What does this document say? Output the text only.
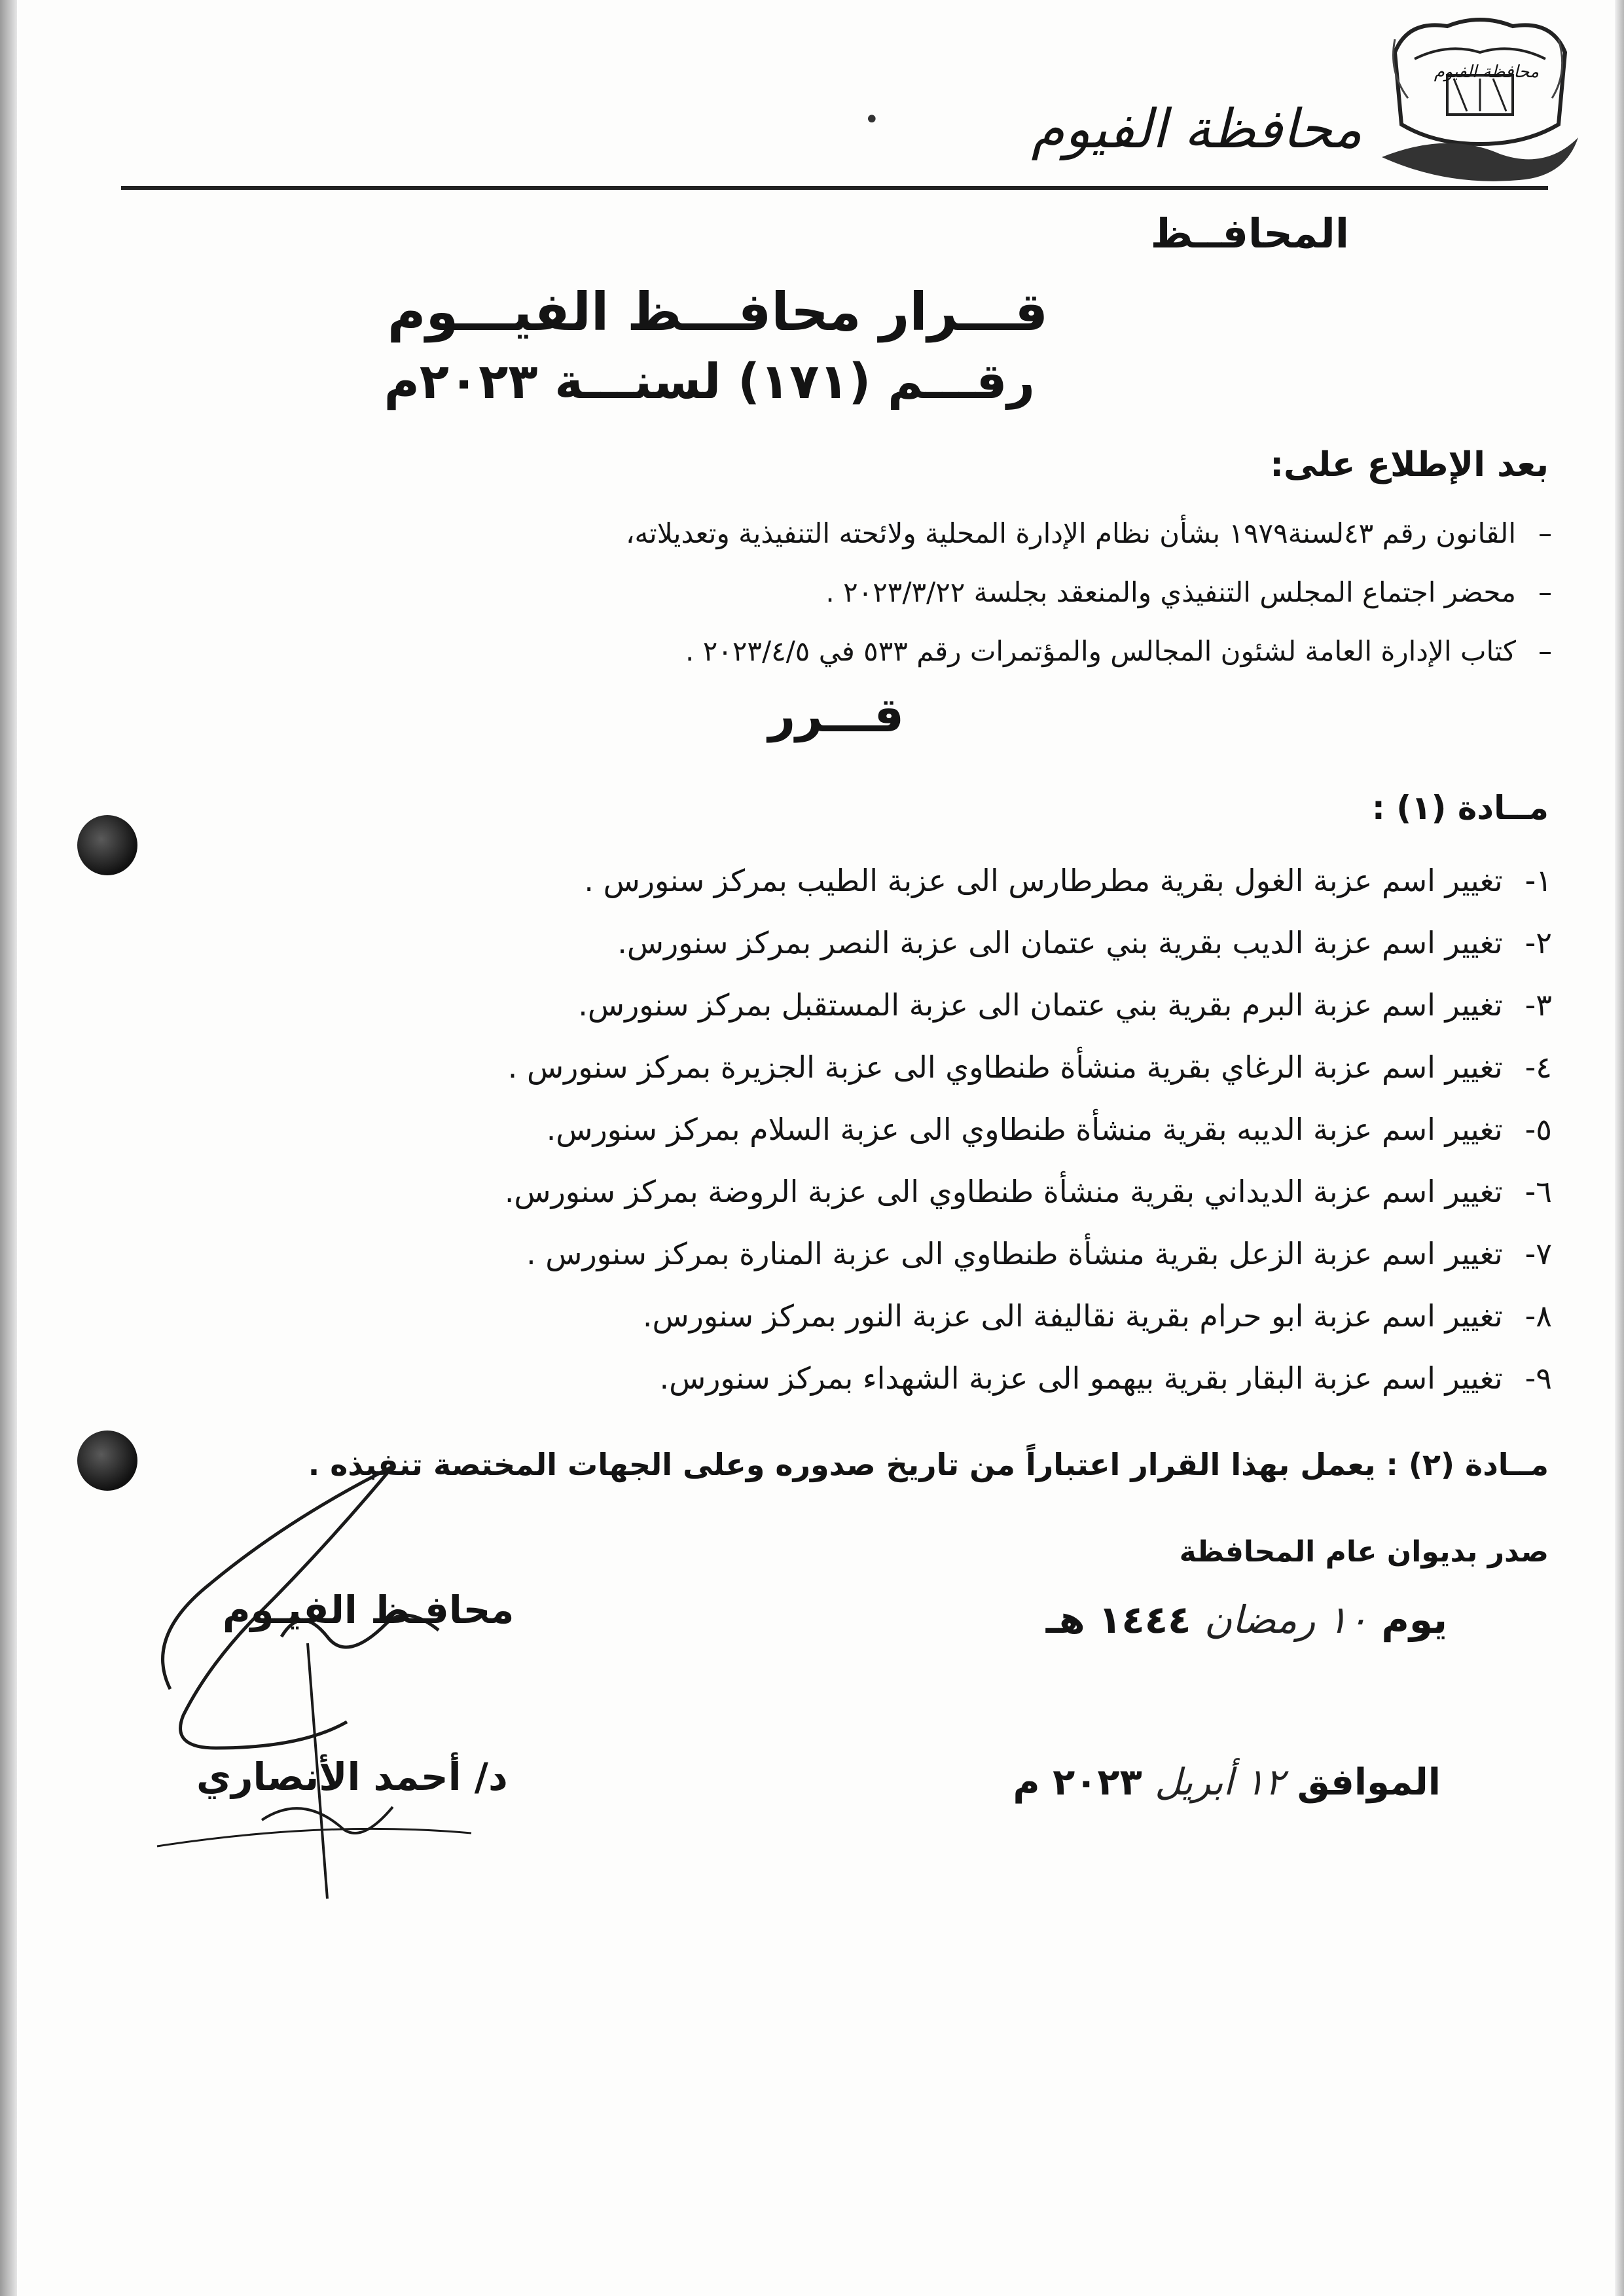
محافظة الفيوم
محافظة الفيوم
•
المحافــظ
قـــرار محافـــظ الفيـــوم
رقـــم (١٧١) لسنـــة ٢٠٢٣م
بعد الإطلاع على:
–القانون رقم ٤٣لسنة١٩٧٩ بشأن نظام الإدارة المحلية ولائحته التنفيذية وتعديلاته،
–محضر اجتماع المجلس التنفيذي والمنعقد بجلسة ٢٠٢٣/٣/٢٢ .
–كتاب الإدارة العامة لشئون المجالس والمؤتمرات رقم ٥٣٣ في ٢٠٢٣/٤/٥ .
قـــرر
مــادة (١) :
١-تغيير اسم عزبة الغول بقرية مطرطارس الى عزبة الطيب بمركز سنورس .
٢-تغيير اسم عزبة الديب بقرية بني عتمان الى عزبة النصر بمركز سنورس.
٣-تغيير اسم عزبة البرم بقرية بني عتمان الى عزبة المستقبل بمركز سنورس.
٤-تغيير اسم عزبة الرغاي بقرية منشأة طنطاوي الى عزبة الجزيرة بمركز سنورس .
٥-تغيير اسم عزبة الديبه بقرية منشأة طنطاوي الى عزبة السلام بمركز سنورس.
٦-تغيير اسم عزبة الديداني بقرية منشأة طنطاوي الى عزبة الروضة بمركز سنورس.
٧-تغيير اسم عزبة الزعل بقرية منشأة طنطاوي الى عزبة المنارة بمركز سنورس .
٨-تغيير اسم عزبة ابو حرام بقرية نقاليفة الى عزبة النور بمركز سنورس.
٩-تغيير اسم عزبة البقار بقرية بيهمو الى عزبة الشهداء بمركز سنورس.
مــادة (٢) : يعمل بهذا القرار اعتباراً من تاريخ صدوره وعلى الجهات المختصة تنفيذه .
صدر بديوان عام المحافظة
يوم ١٠ رمضان ١٤٤٤ هـ
الموافق ١٢ أبريل ٢٠٢٣ م
محافـظ الفيـوم
د/ أحمد الأنصاري
